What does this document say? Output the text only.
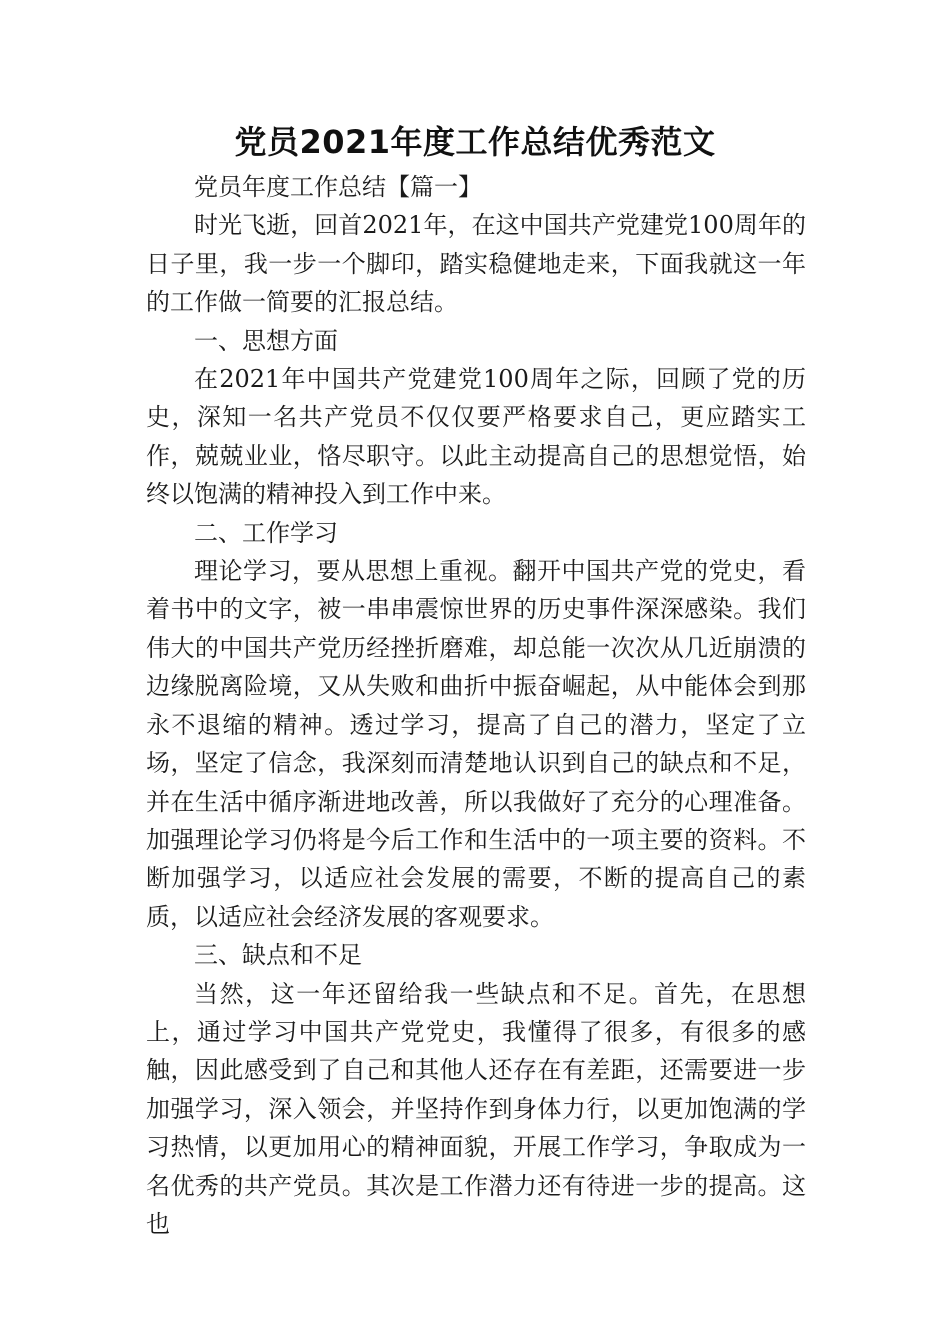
党员2021年度工作总结优秀范文

党员年度工作总结【篇一】

时光飞逝，回首2021年，在这中国共产党建党100周年的日子里，我一步一个脚印，踏实稳健地走来，下面我就这一年的工作做一简要的汇报总结。

一、思想方面

在2021年中国共产党建党100周年之际，回顾了党的历史，深知一名共产党员不仅仅要严格要求自己，更应踏实工作，兢兢业业，恪尽职守。以此主动提高自己的思想觉悟，始终以饱满的精神投入到工作中来。

二、工作学习

理论学习，要从思想上重视。翻开中国共产党的党史，看着书中的文字，被一串串震惊世界的历史事件深深感染。我们伟大的中国共产党历经挫折磨难，却总能一次次从几近崩溃的边缘脱离险境，又从失败和曲折中振奋崛起，从中能体会到那永不退缩的精神。透过学习，提高了自己的潜力，坚定了立场，坚定了信念，我深刻而清楚地认识到自己的缺点和不足，并在生活中循序渐进地改善，所以我做好了充分的心理准备。加强理论学习仍将是今后工作和生活中的一项主要的资料。不断加强学习，以适应社会发展的需要，不断的提高自己的素质，以适应社会经济发展的客观要求。

三、缺点和不足

当然，这一年还留给我一些缺点和不足。首先，在思想上，通过学习中国共产党党史，我懂得了很多，有很多的感触，因此感受到了自己和其他人还存在有差距，还需要进一步加强学习，深入领会，并坚持作到身体力行，以更加饱满的学习热情，以更加用心的精神面貌，开展工作学习，争取成为一名优秀的共产党员。其次是工作潜力还有待进一步的提高。这也
